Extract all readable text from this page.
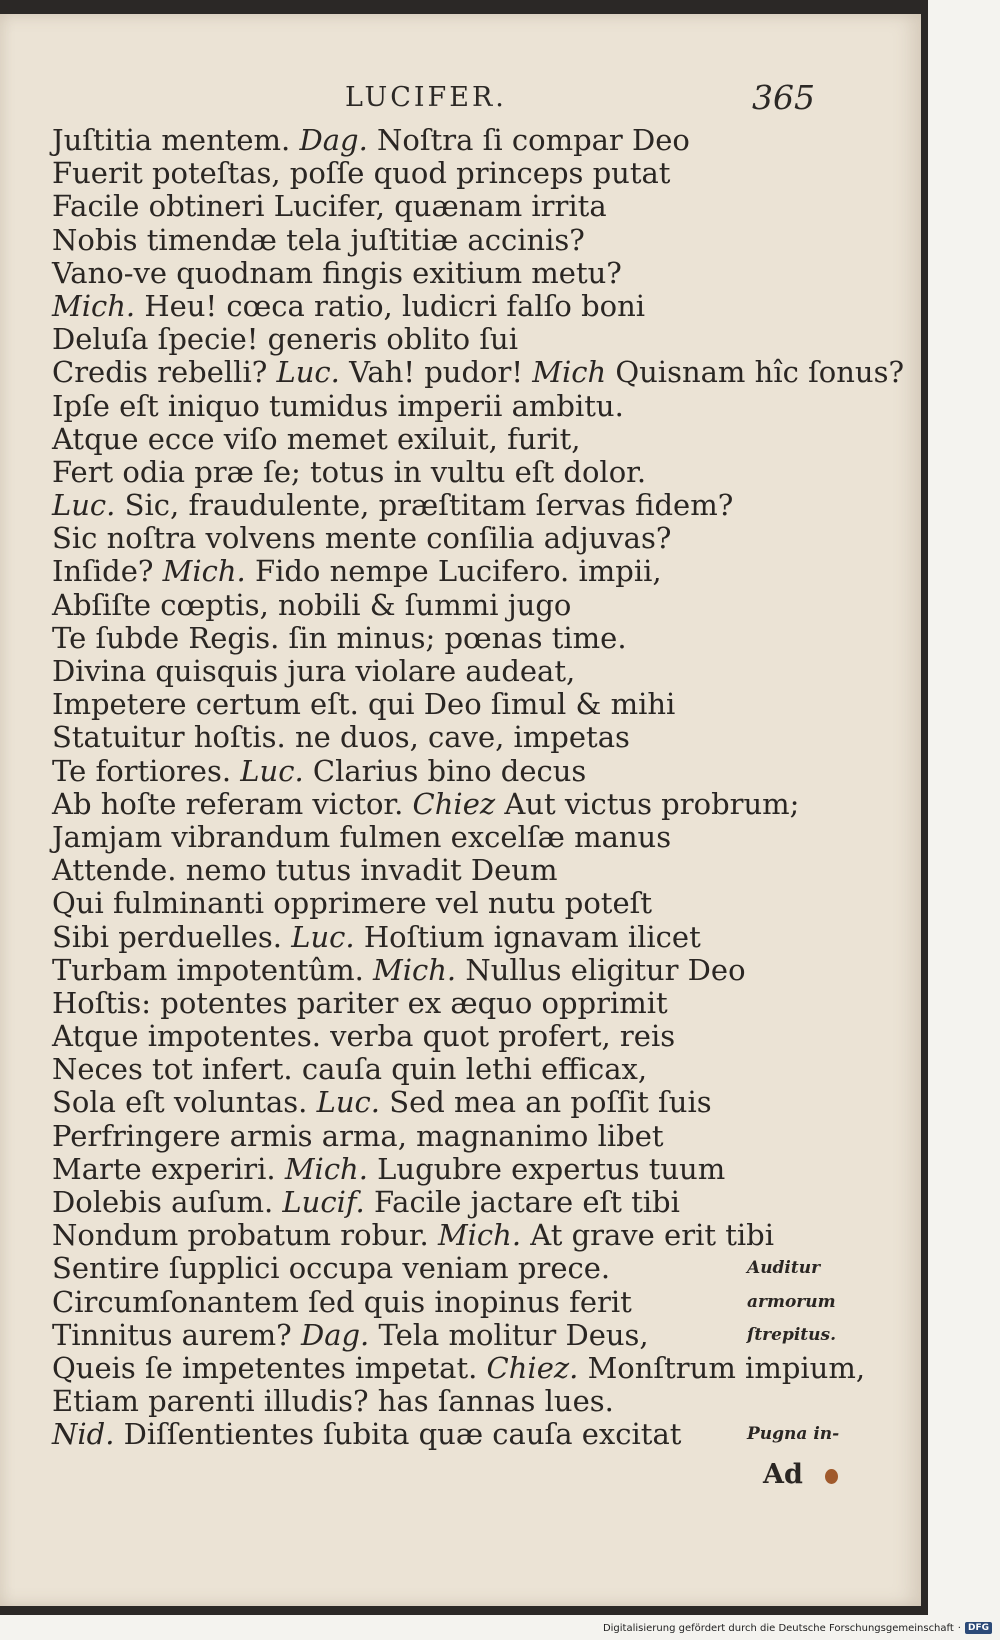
LUCIFER.	365
Juſtitia mentem. Dag. Noſtra ſi compar Deo
Fuerit poteſtas, poſſe quod princeps putat
Facile obtineri Lucifer, quænam irrita
Nobis timendæ tela juſtitiæ accinis?
Vano-ve quodnam fingis exitium metu?
Mich. Heu! cœca ratio, ludicri falſo boni
Deluſa ſpecie! generis oblito ſui
Credis rebelli? Luc. Vah! pudor! Mich Quisnam hîc ſonus?
Ipſe eſt iniquo tumidus imperii ambitu.
Atque ecce viſo memet exiluit, furit,
Fert odia præ ſe; totus in vultu eſt dolor.
Luc. Sic, fraudulente, præſtitam ſervas fidem?
Sic noſtra volvens mente conſilia adjuvas?
Inſide? Mich. Fido nempe Lucifero. impii,
Abſiſte cœptis, nobili & ſummi jugo
Te ſubde Regis. ſin minus; pœnas time.
Divina quisquis jura violare audeat,
Impetere certum eſt. qui Deo ſimul & mihi
Statuitur hoſtis. ne duos, cave, impetas
Te fortiores. Luc. Clarius bino decus
Ab hoſte referam victor. Chiez Aut victus probrum;
Jamjam vibrandum fulmen excelſæ manus
Attende. nemo tutus invadit Deum
Qui fulminanti opprimere vel nutu poteſt
Sibi perduelles. Luc. Hoſtium ignavam ilicet
Turbam impotentûm. Mich. Nullus eligitur Deo
Hoſtis: potentes pariter ex æquo opprimit
Atque impotentes. verba quot profert, reis
Neces tot infert. cauſa quin lethi efficax,
Sola eſt voluntas. Luc. Sed mea an poſſit ſuis
Perfringere armis arma, magnanimo libet
Marte experiri. Mich. Lugubre expertus tuum
Dolebis auſum. Lucif. Facile jactare eſt tibi
Nondum probatum robur. Mich. At grave erit tibi
Sentire ſupplici occupa veniam prece.	Auditur
Circumſonantem ſed quis inopinus ferit	armorum
Tinnitus aurem? Dag. Tela molitur Deus,	ſtrepitus.
Queis ſe impetentes impetat. Chiez. Monſtrum impium,
Etiam parenti illudis? has ſannas lues.
Nid. Diſſentientes ſubita quæ cauſa excitat	Pugna in-
Ad
Digitalisierung gefördert durch die Deutsche Forschungsgemeinschaft · DFG
